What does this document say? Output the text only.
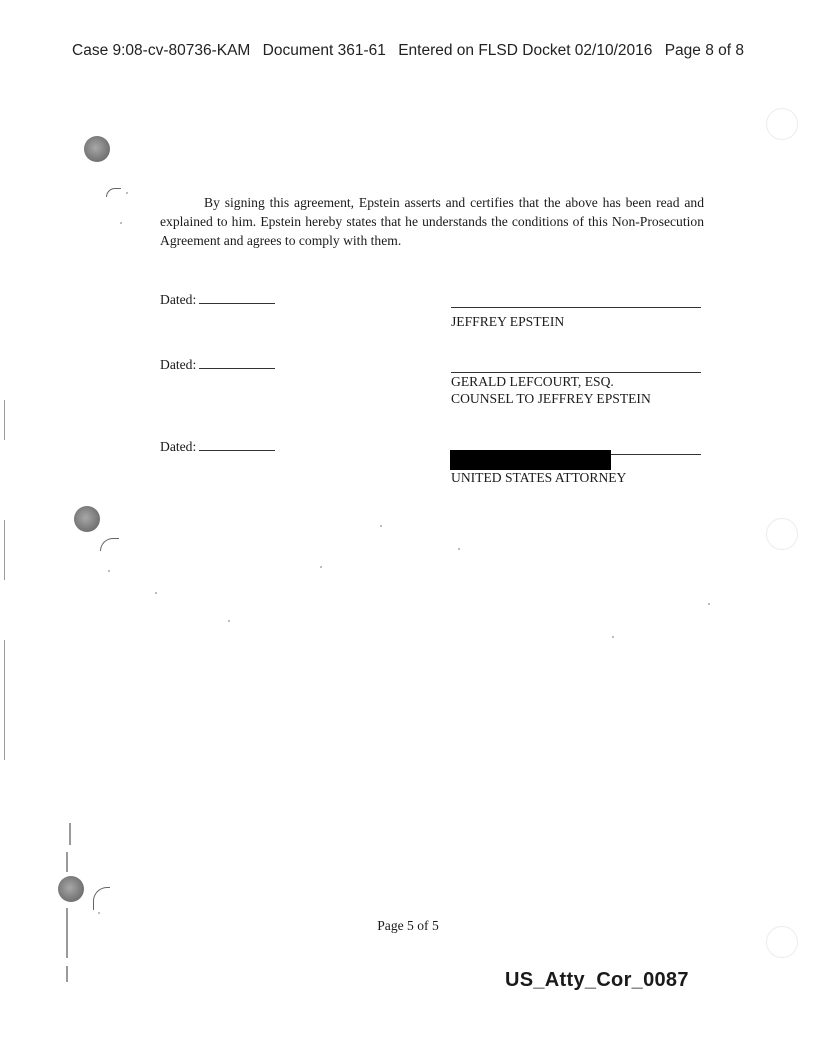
Case 9:08-cv-80736-KAM Document 361-61 Entered on FLSD Docket 02/10/2016 Page 8 of 8

By signing this agreement, Epstein asserts and certifies that the above has been read and explained to him. Epstein hereby states that he understands the conditions of this Non-Prosecution Agreement and agrees to comply with them.

Dated:
JEFFREY EPSTEIN
Dated:
GERALD LEFCOURT, ESQ.
COUNSEL TO JEFFREY EPSTEIN
Dated:
UNITED STATES ATTORNEY
Page 5 of 5
US_Atty_Cor_0087
